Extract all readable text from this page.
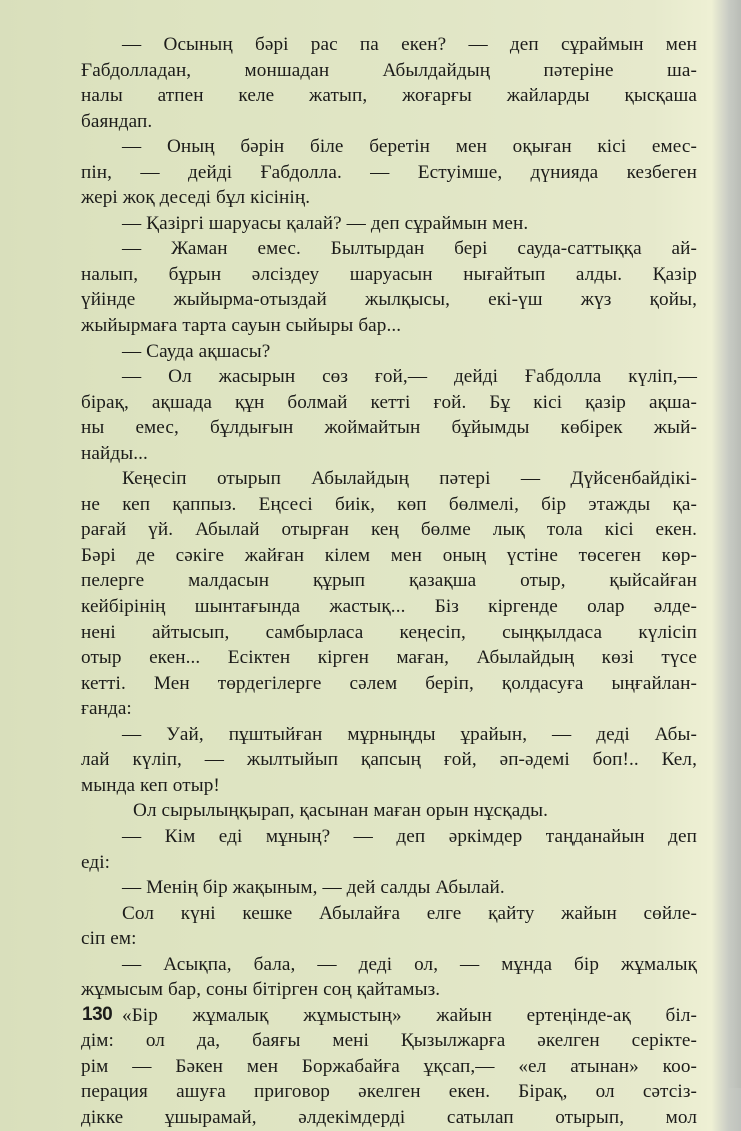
— Осының бәрі рас па екен? — деп сұраймын мен
Ғабдолладан, моншадан Абылдайдың пәтеріне ша-
налы атпен келе жатып, жоғарғы жайларды қысқаша
баяндап.
— Оның бәрін біле беретін мен оқыған кісі емес-
пін, — дейді Ғабдолла. — Естуімше, дүнияда кезбеген
жері жоқ деседі бұл кісінің.
— Қазіргі шаруасы қалай? — деп сұраймын мен.
— Жаман емес. Былтырдан бері сауда-саттыққа ай-
налып, бұрын әлсіздеу шаруасын нығайтып алды. Қазір
үйінде жыйырма-отыздай жылқысы, екі-үш жүз қойы,
жыйырмаға тарта сауын сыйыры бар...
— Сауда ақшасы?
— Ол жасырын сөз ғой,— дейді Ғабдолла күліп,—
бірақ, ақшада құн болмай кетті ғой. Бұ кісі қазір ақша-
ны емес, бұлдығын жоймайтын бұйымды көбірек жый-
найды...
Кеңесіп отырып Абылайдың пәтері — Дүйсенбайдікі-
не кеп қаппыз. Еңсесі биік, көп бөлмелі, бір этажды қа-
рағай үй. Абылай отырған кең бөлме лық тола кісі екен.
Бәрі де сәкіге жайған кілем мен оның үстіне төсеген көр-
пелерге малдасын құрып қазақша отыр, қыйсайған
кейбірінің шынтағында жастық... Біз кіргенде олар әлде-
нені айтысып, самбырласа кеңесіп, сыңқылдаса күлісіп
отыр екен... Есіктен кірген маған, Абылайдың көзі түсе
кетті. Мен төрдегілерге сәлем беріп, қолдасуға ыңғайлан-
ғанда:
— Уай, пұштыйған мұрныңды ұрайын, — деді Абы-
лай күліп, — жылтыйып қапсың ғой, әп-әдемі боп!.. Кел,
мында кеп отыр!
Ол сырылыңқырап, қасынан маған орын нұсқады.
— Кім еді мұның? — деп әркімдер таңданайын деп
еді:
— Менің бір жақыным, — дей салды Абылай.
Сол күні кешке Абылайға елге қайту жайын сөйле-
сіп ем:
— Асықпа, бала, — деді ол, — мұнда бір жұмалық
жұмысым бар, соны бітірген соң қайтамыз.
«Бір жұмалық жұмыстың» жайын ертеңінде-ақ біл-
дім: ол да, баяғы мені Қызылжарға әкелген серікте-
рім — Бәкен мен Боржабайға ұқсап,— «ел атынан» коо-
перация ашуға приговор әкелген екен. Бірақ, ол сәтсіз-
дікке ұшырамай, әлдекімдерді сатылап отырып, мол
130
